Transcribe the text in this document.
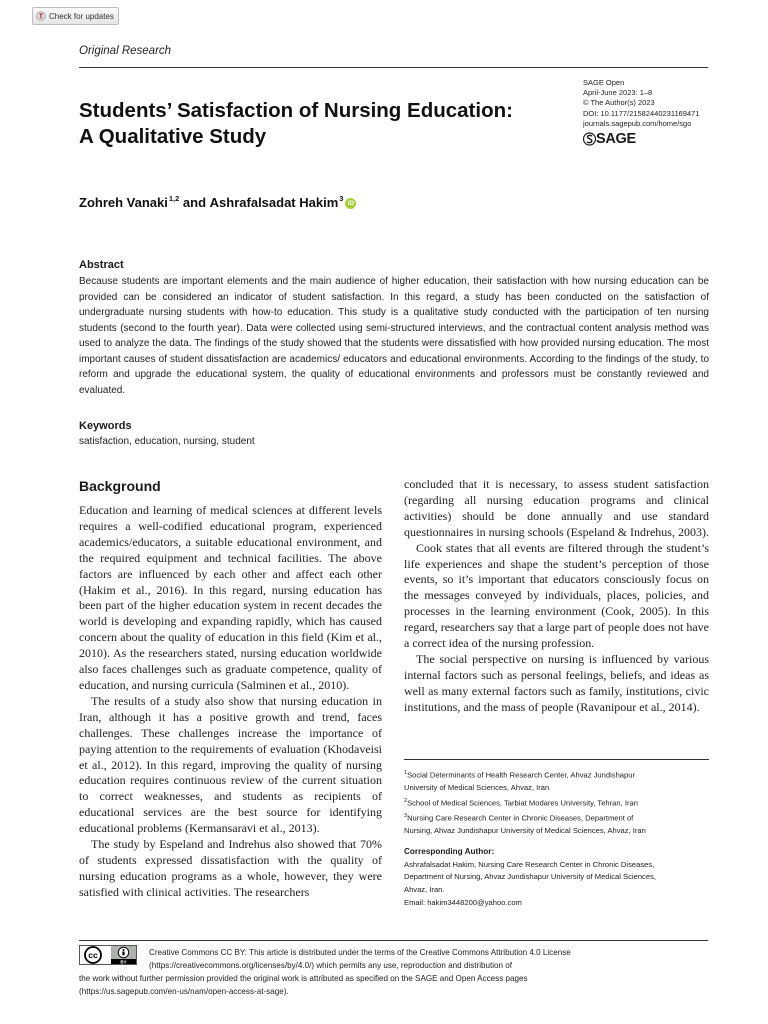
Check for updates
Original Research
Students’ Satisfaction of Nursing Education: A Qualitative Study
SAGE Open
April-June 2023: 1–8
© The Author(s) 2023
DOI: 10.1177/21582440231169471
journals.sagepub.com/home/sgo
SAGE
Zohreh Vanaki$^{1,2}$ and Ashrafalsadat Hakim$^3$
iD
Abstract
Because students are important elements and the main audience of higher education, their satisfaction with how nursing education can be provided can be considered an indicator of student satisfaction. In this regard, a study has been conducted on the satisfaction of undergraduate nursing students with how-to education. This study is a qualitative study conducted with the participation of ten nursing students (second to the fourth year). Data were collected using semi-structured interviews, and the contractual content analysis method was used to analyze the data. The findings of the study showed that the students were dissatisfied with how provided nursing education. The most important causes of student dissatisfaction are academics/ educators and educational environments. According to the findings of the study, to reform and upgrade the educational system, the quality of educational environments and professors must be constantly reviewed and evaluated.
Keywords
satisfaction, education, nursing, student
Background

Education and learning of medical sciences at different levels requires a well-codified educational program, experienced academics/educators, a suitable educational environment, and the required equipment and technical facilities. The above factors are influenced by each other and affect each other (Hakim et al., 2016). In this regard, nursing education has been part of the higher education system in recent decades the world is developing and expanding rapidly, which has caused concern about the quality of education in this field (Kim et al., 2010). As the researchers stated, nursing education worldwide also faces challenges such as graduate competence, quality of education, and nursing curricula (Salminen et al., 2010).

The results of a study also show that nursing education in Iran, although it has a positive growth and trend, faces challenges. These challenges increase the importance of paying attention to the requirements of evaluation (Khodaveisi et al., 2012). In this regard, improving the quality of nursing education requires continuous review of the current situation to correct weaknesses, and students as recipients of educational services are the best source for identifying educational problems (Kermansaravi et al., 2013).

The study by Espeland and Indrehus also showed that 70% of students expressed dissatisfaction with the quality of nursing education programs as a whole, however, they were satisfied with clinical activities. The researchers

concluded that it is necessary, to assess student satisfaction (regarding all nursing education programs and clinical activities) should be done annually and use standard questionnaires in nursing schools (Espeland & Indrehus, 2003).

Cook states that all events are filtered through the student’s life experiences and shape the student’s perception of those events, so it’s important that educators consciously focus on the messages conveyed by individuals, places, policies, and processes in the learning environment (Cook, 2005). In this regard, researchers say that a large part of people does not have a correct idea of the nursing profession.

The social perspective on nursing is influenced by various internal factors such as personal feelings, beliefs, and ideas as well as many external factors such as family, institutions, civic institutions, and the mass of people (Ravanipour et al., 2014).

$^1$Social Determinants of Health Research Center, Ahvaz Jundishapur
University of Medical Sciences, Ahvaz, Iran
$^2$School of Medical Sciences, Tarbiat Modares University, Tehran, Iran
$^3$Nursing Care Research Center in Chronic Diseases, Department of
Nursing, Ahvaz Jundishapur University of Medical Sciences, Ahvaz, Iran
Corresponding Author:
Ashrafalsadat Hakim, Nursing Care Research Center in Chronic Diseases,
Department of Nursing, Ahvaz Jundishapur University of Medical Sciences,
Ahvaz, Iran.
Email: hakim3448200@yahoo.com
cc
BY
Creative Commons CC BY: This article is distributed under the terms of the Creative Commons Attribution 4.0 License
(https://creativecommons.org/licenses/by/4.0/) which permits any use, reproduction and distribution of
the work without further permission provided the original work is attributed as specified on the SAGE and Open Access pages
(https://us.sagepub.com/en-us/nam/open-access-at-sage).
